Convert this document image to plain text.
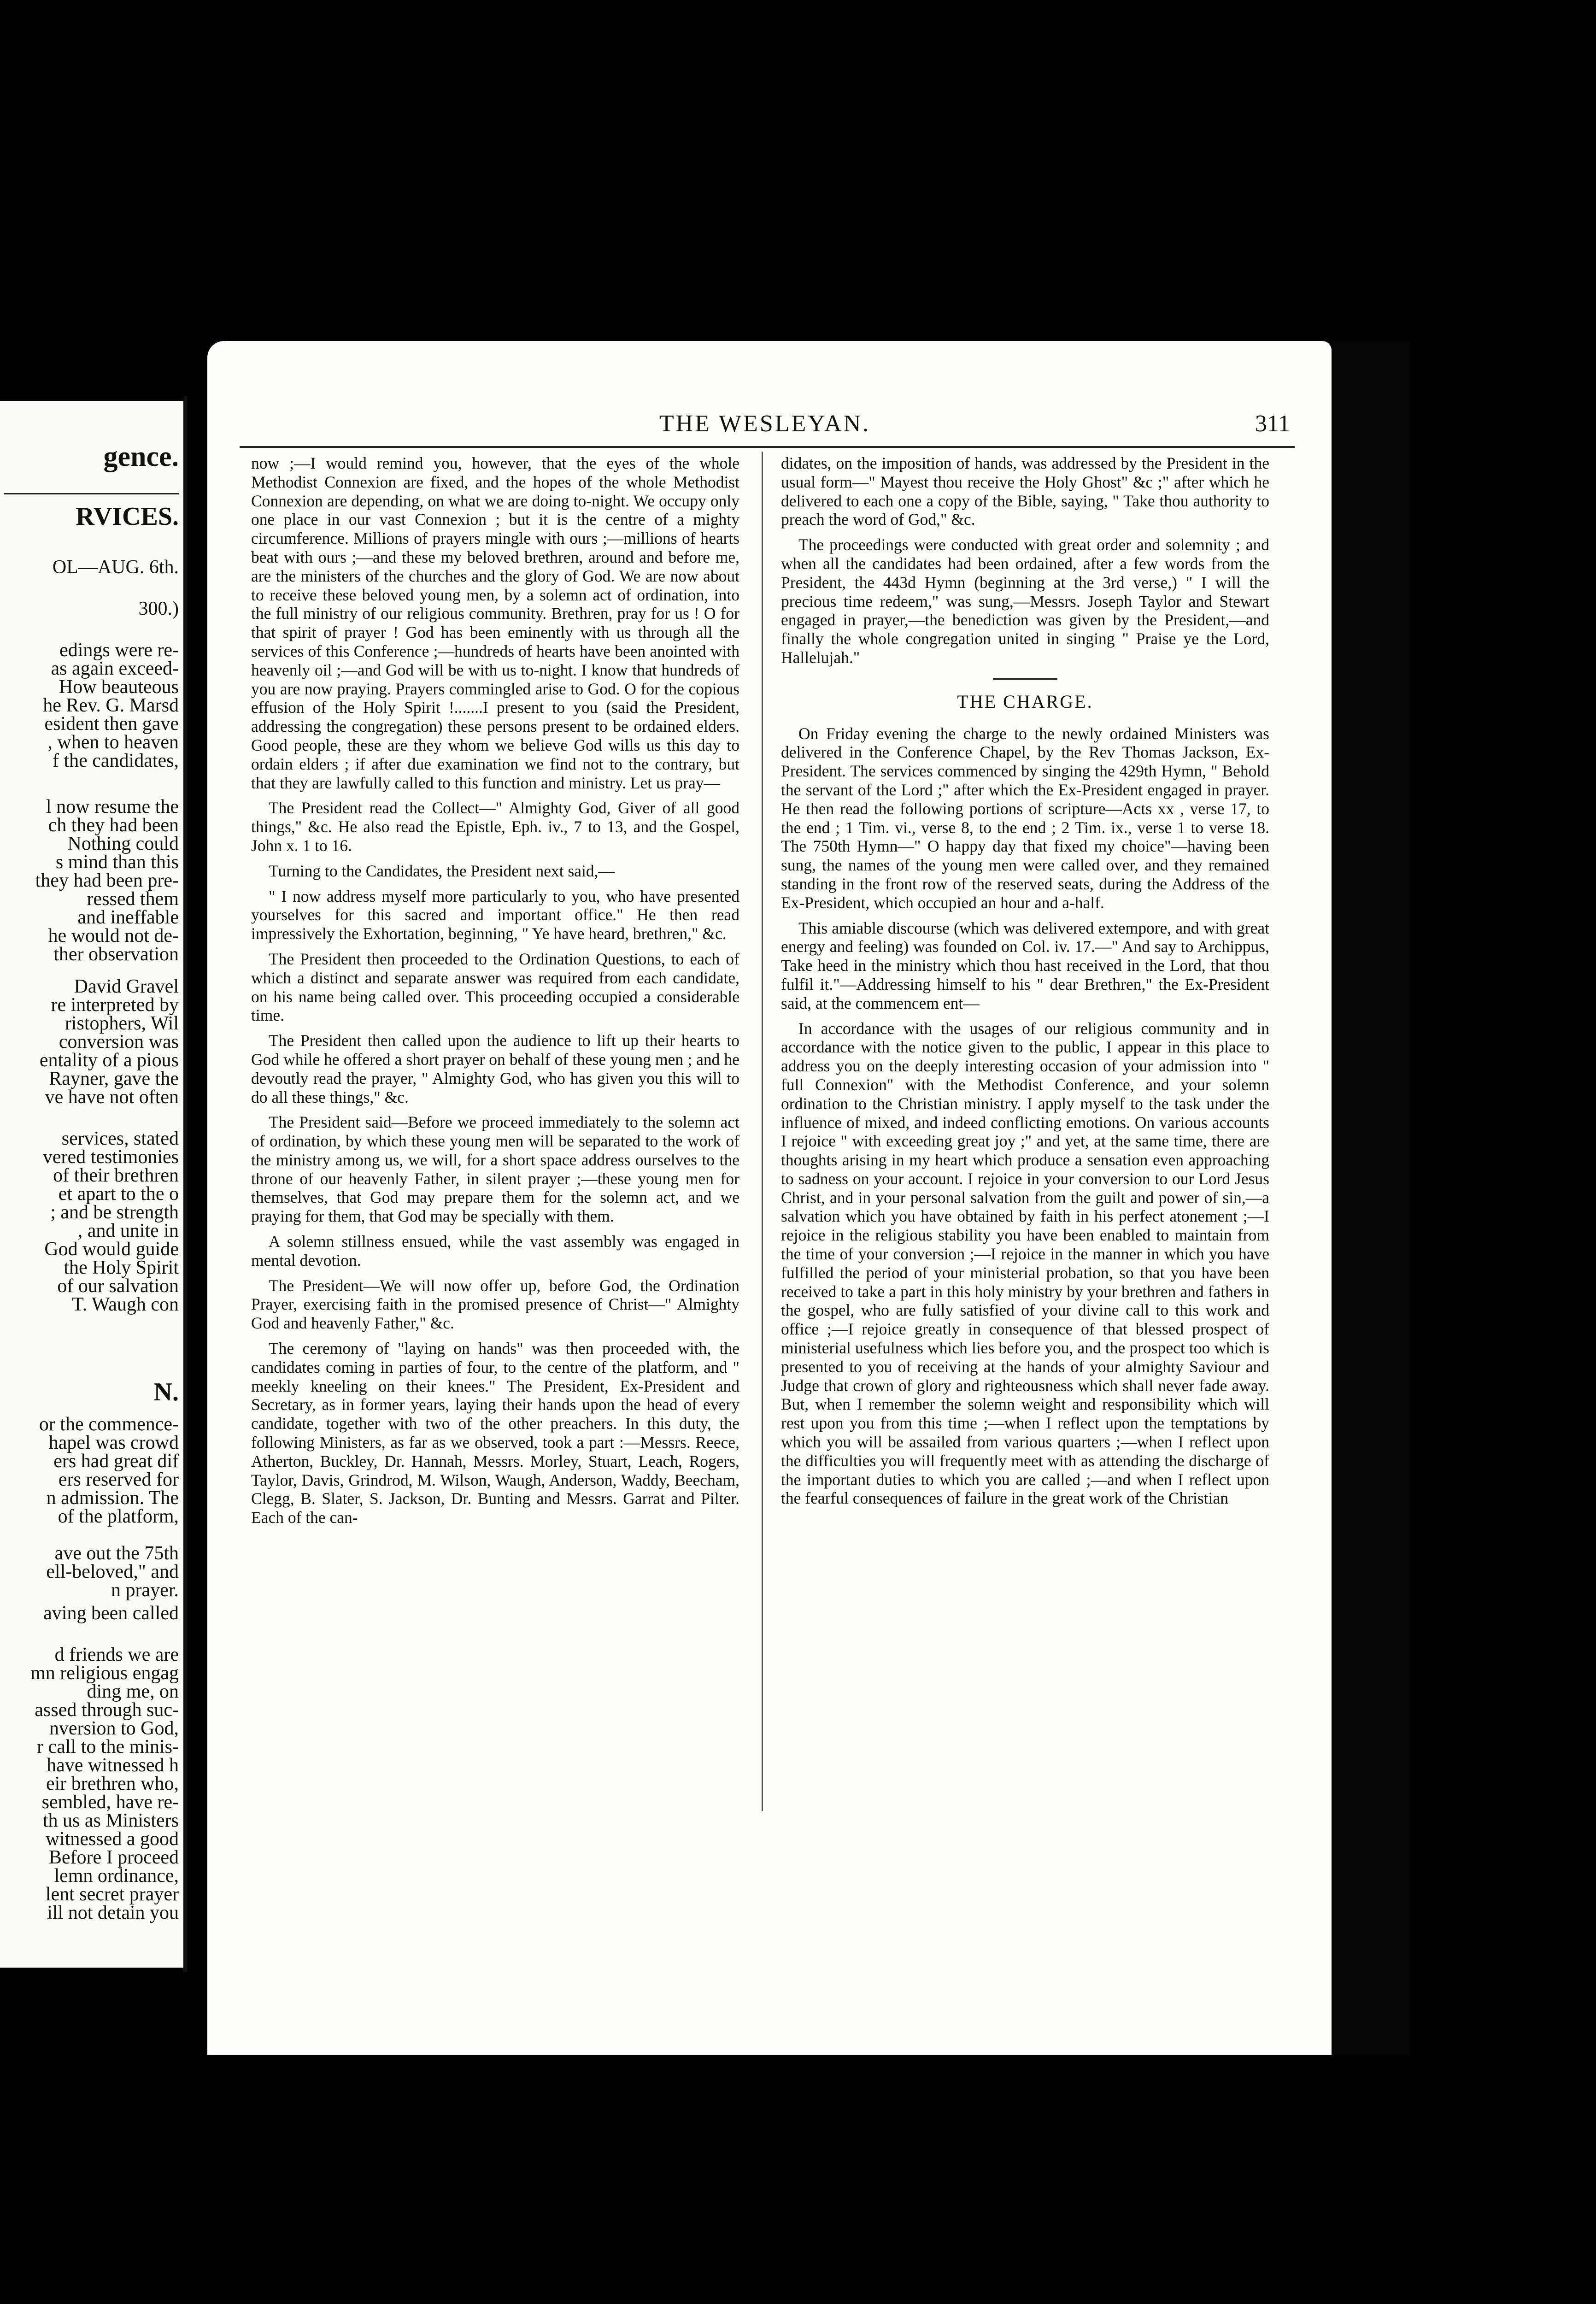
gence.
RVICES.
OL—AUG. 6th.
300.)
edings were re-
as again exceed-
How beauteous
he Rev. G. Marsd
esident then gave
, when to heaven
f the candidates,
l now resume the
ch they had been
Nothing could
s mind than this
they had been pre-
ressed them
and ineffable
he would not de-
ther observation
David Gravel
re interpreted by
ristophers, Wil
conversion was
entality of a pious
Rayner, gave the
ve have not often
services, stated
vered testimonies
of their brethren
et apart to the o
; and be strength
, and unite in
God would guide
the Holy Spirit
of our salvation
T. Waugh con
N.
or the commence-
hapel was crowd
ers had great dif
ers reserved for
n admission. The
of the platform,
ave out the 75th
ell-beloved," and
n prayer.
aving been called
d friends we are
mn religious engag
ding me, on
assed through suc-
nversion to God,
r call to the minis-
have witnessed h
eir brethren who,
sembled, have re-
th us as Ministers
witnessed a good
Before I proceed
lemn ordinance,
lent secret prayer
ill not detain you
THE WESLEYAN.	311

now ;—I would remind you, however, that the eyes of the whole Methodist Connexion are fixed, and the hopes of the whole Methodist Connexion are depending, on what we are doing to-night. We occupy only one place in our vast Connexion ; but it is the centre of a mighty circumference. Millions of prayers mingle with ours ;—millions of hearts beat with ours ;—and these my beloved brethren, around and before me, are the ministers of the churches and the glory of God. We are now about to receive these beloved young men, by a solemn act of ordination, into the full ministry of our religious community. Brethren, pray for us ! O for that spirit of prayer ! God has been eminently with us through all the services of this Conference ;—hundreds of hearts have been anointed with heavenly oil ;—and God will be with us to-night. I know that hundreds of you are now praying. Prayers commingled arise to God. O for the copious effusion of the Holy Spirit !.......I present to you (said the President, addressing the congregation) these persons present to be ordained elders. Good people, these are they whom we believe God wills us this day to ordain elders ; if after due examination we find not to the contrary, but that they are lawfully called to this function and ministry. Let us pray—

The President read the Collect—" Almighty God, Giver of all good things," &c. He also read the Epistle, Eph. iv., 7 to 13, and the Gospel, John x. 1 to 16.

Turning to the Candidates, the President next said,—

" I now address myself more particularly to you, who have presented yourselves for this sacred and important office." He then read impressively the Exhortation, beginning, " Ye have heard, brethren," &c.

The President then proceeded to the Ordination Questions, to each of which a distinct and separate answer was required from each candidate, on his name being called over. This proceeding occupied a considerable time.

The President then called upon the audience to lift up their hearts to God while he offered a short prayer on behalf of these young men ; and he devoutly read the prayer, " Almighty God, who has given you this will to do all these things," &c.

The President said—Before we proceed immediately to the solemn act of ordination, by which these young men will be separated to the work of the ministry among us, we will, for a short space address ourselves to the throne of our heavenly Father, in silent prayer ;—these young men for themselves, that God may prepare them for the solemn act, and we praying for them, that God may be specially with them.

A solemn stillness ensued, while the vast assembly was engaged in mental devotion.

The President—We will now offer up, before God, the Ordination Prayer, exercising faith in the promised presence of Christ—" Almighty God and heavenly Father," &c.

The ceremony of "laying on hands" was then proceeded with, the candidates coming in parties of four, to the centre of the platform, and " meekly kneeling on their knees." The President, Ex-President and Secretary, as in former years, laying their hands upon the head of every candidate, together with two of the other preachers. In this duty, the following Ministers, as far as we observed, took a part :—Messrs. Reece, Atherton, Buckley, Dr. Hannah, Messrs. Morley, Stuart, Leach, Rogers, Taylor, Davis, Grindrod, M. Wilson, Waugh, Anderson, Waddy, Beecham, Clegg, B. Slater, S. Jackson, Dr. Bunting and Messrs. Garrat and Pilter. Each of the can-

didates, on the imposition of hands, was addressed by the President in the usual form—" Mayest thou receive the Holy Ghost" &c ;" after which he delivered to each one a copy of the Bible, saying, " Take thou authority to preach the word of God," &c.

The proceedings were conducted with great order and solemnity ; and when all the candidates had been ordained, after a few words from the President, the 443d Hymn (beginning at the 3rd verse,) " I will the precious time redeem," was sung,—Messrs. Joseph Taylor and Stewart engaged in prayer,—the benediction was given by the President,—and finally the whole congregation united in singing " Praise ye the Lord, Hallelujah."

THE CHARGE.

On Friday evening the charge to the newly ordained Ministers was delivered in the Conference Chapel, by the Rev Thomas Jackson, Ex-President. The services commenced by singing the 429th Hymn, " Behold the servant of the Lord ;" after which the Ex-President engaged in prayer. He then read the following portions of scripture—Acts xx , verse 17, to the end ; 1 Tim. vi., verse 8, to the end ; 2 Tim. ix., verse 1 to verse 18. The 750th Hymn—" O happy day that fixed my choice"—having been sung, the names of the young men were called over, and they remained standing in the front row of the reserved seats, during the Address of the Ex-President, which occupied an hour and a-half.

This amiable discourse (which was delivered extempore, and with great energy and feeling) was founded on Col. iv. 17.—" And say to Archippus, Take heed in the ministry which thou hast received in the Lord, that thou fulfil it."—Addressing himself to his " dear Brethren," the Ex-President said, at the commencem ent—

In accordance with the usages of our religious community and in accordance with the notice given to the public, I appear in this place to address you on the deeply interesting occasion of your admission into " full Connexion" with the Methodist Conference, and your solemn ordination to the Christian ministry. I apply myself to the task under the influence of mixed, and indeed conflicting emotions. On various accounts I rejoice " with exceeding great joy ;" and yet, at the same time, there are thoughts arising in my heart which produce a sensation even approaching to sadness on your account. I rejoice in your conversion to our Lord Jesus Christ, and in your personal salvation from the guilt and power of sin,—a salvation which you have obtained by faith in his perfect atonement ;—I rejoice in the religious stability you have been enabled to maintain from the time of your conversion ;—I rejoice in the manner in which you have fulfilled the period of your ministerial probation, so that you have been received to take a part in this holy ministry by your brethren and fathers in the gospel, who are fully satisfied of your divine call to this work and office ;—I rejoice greatly in consequence of that blessed prospect of ministerial usefulness which lies before you, and the prospect too which is presented to you of receiving at the hands of your almighty Saviour and Judge that crown of glory and righteousness which shall never fade away. But, when I remember the solemn weight and responsibility which will rest upon you from this time ;—when I reflect upon the temptations by which you will be assailed from various quarters ;—when I reflect upon the difficulties you will frequently meet with as attending the discharge of the important duties to which you are called ;—and when I reflect upon the fearful consequences of failure in the great work of the Christian
